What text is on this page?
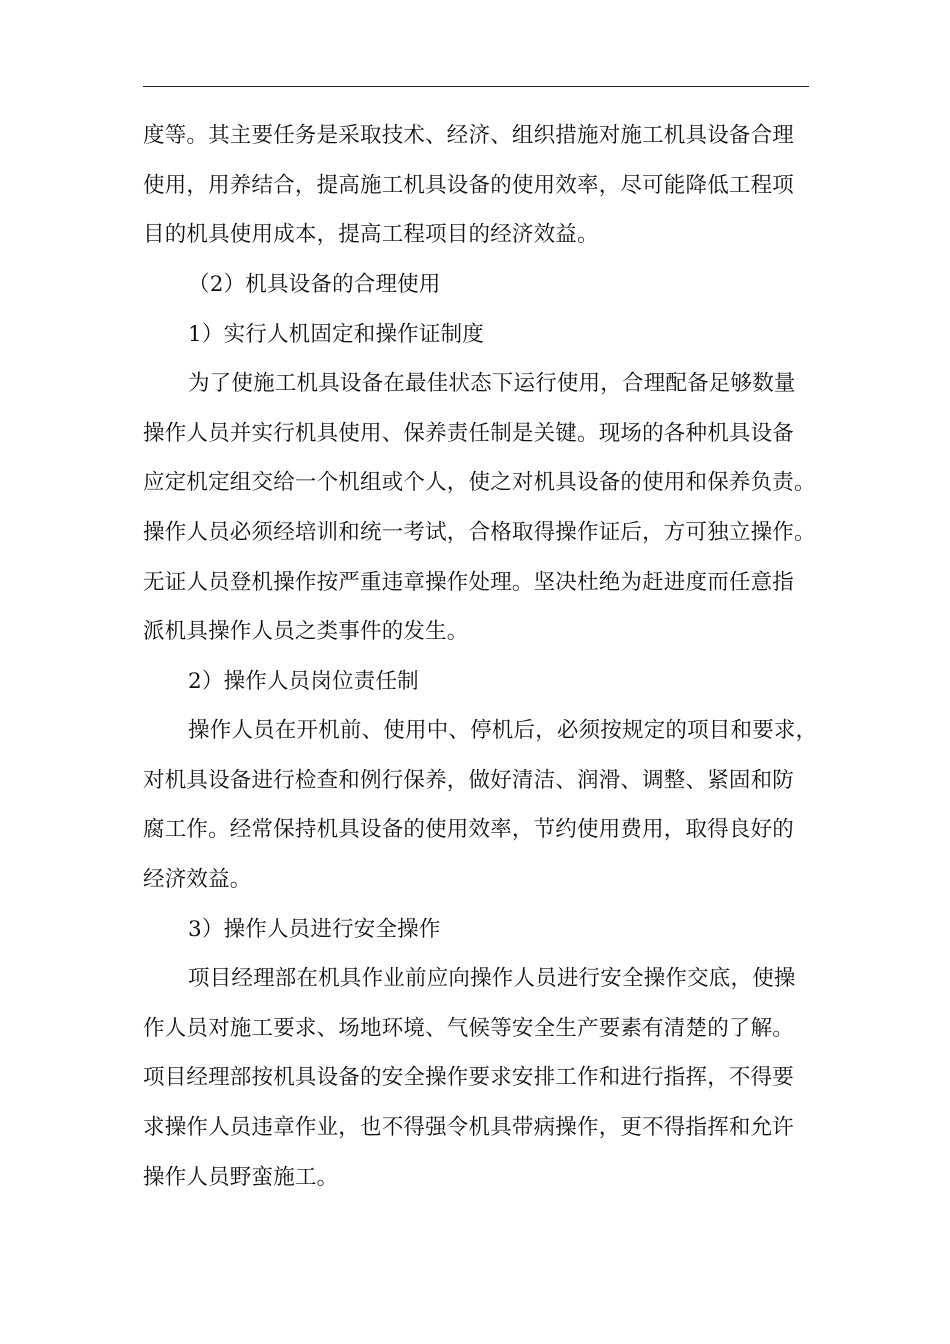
度等。其主要任务是采取技术、经济、组织措施对施工机具设备合理
使用，用养结合，提高施工机具设备的使用效率，尽可能降低工程项
目的机具使用成本，提高工程项目的经济效益。
（2）机具设备的合理使用
1）实行人机固定和操作证制度
为了使施工机具设备在最佳状态下运行使用，合理配备足够数量
操作人员并实行机具使用、保养责任制是关键。现场的各种机具设备
应定机定组交给一个机组或个人，使之对机具设备的使用和保养负责。
操作人员必须经培训和统一考试，合格取得操作证后，方可独立操作。
无证人员登机操作按严重违章操作处理。坚决杜绝为赶进度而任意指
派机具操作人员之类事件的发生。
2）操作人员岗位责任制
操作人员在开机前、使用中、停机后，必须按规定的项目和要求，
对机具设备进行检查和例行保养，做好清洁、润滑、调整、紧固和防
腐工作。经常保持机具设备的使用效率，节约使用费用，取得良好的
经济效益。
3）操作人员进行安全操作
项目经理部在机具作业前应向操作人员进行安全操作交底，使操
作人员对施工要求、场地环境、气候等安全生产要素有清楚的了解。
项目经理部按机具设备的安全操作要求安排工作和进行指挥，不得要
求操作人员违章作业，也不得强令机具带病操作，更不得指挥和允许
操作人员野蛮施工。
